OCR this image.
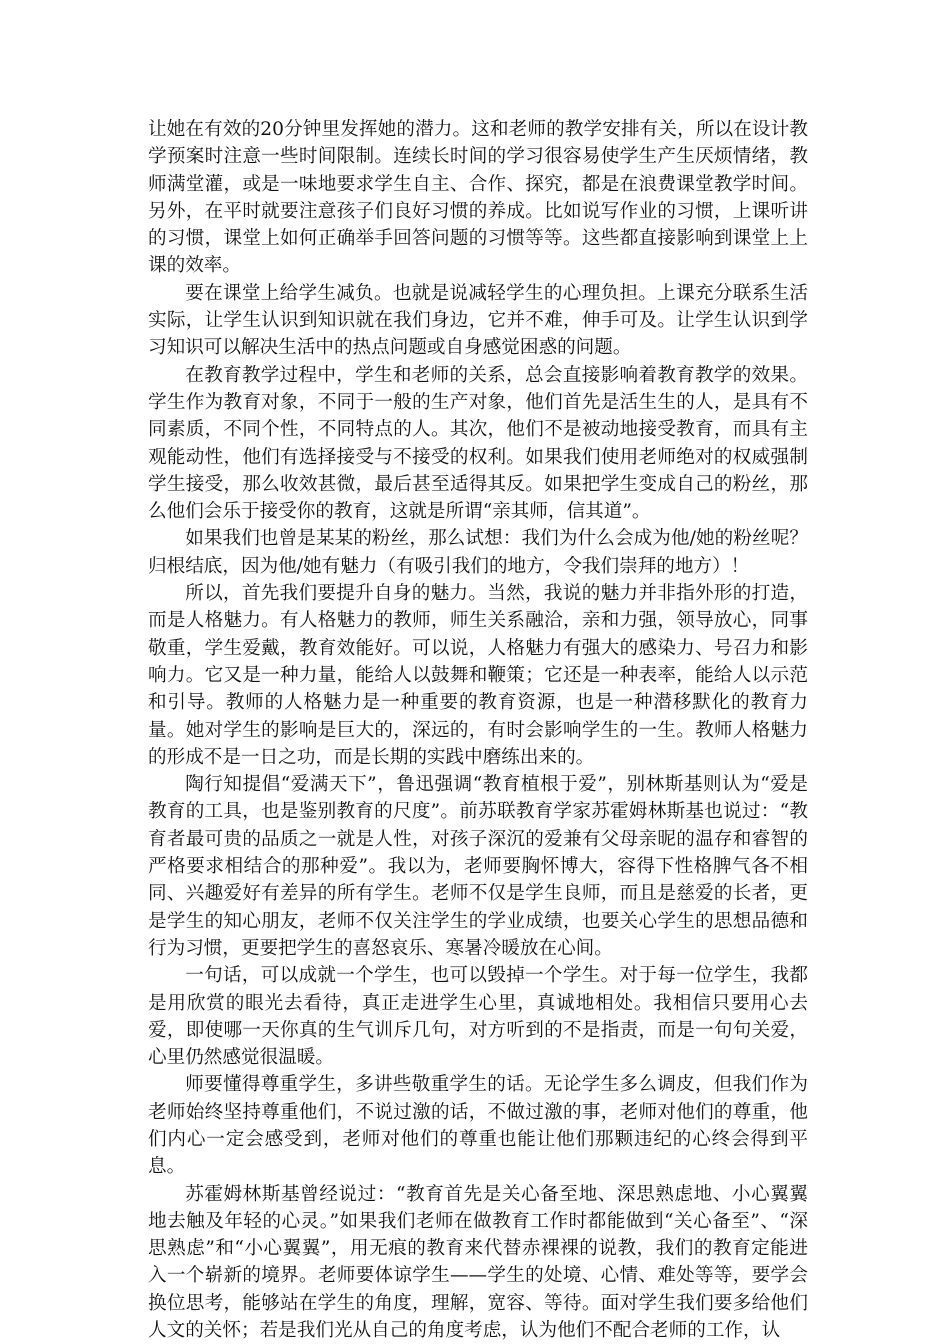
让她在有效的20分钟里发挥她的潜力。这和老师的教学安排有关，所以在设计教学预案时注意一些时间限制。连续长时间的学习很容易使学生产生厌烦情绪，教师满堂灌，或是一味地要求学生自主、合作、探究，都是在浪费课堂教学时间。另外，在平时就要注意孩子们良好习惯的养成。比如说写作业的习惯，上课听讲的习惯，课堂上如何正确举手回答问题的习惯等等。这些都直接影响到课堂上上课的效率。

要在课堂上给学生减负。也就是说减轻学生的心理负担。上课充分联系生活实际，让学生认识到知识就在我们身边，它并不难，伸手可及。让学生认识到学习知识可以解决生活中的热点问题或自身感觉困惑的问题。

在教育教学过程中，学生和老师的关系，总会直接影响着教育教学的效果。学生作为教育对象，不同于一般的生产对象，他们首先是活生生的人，是具有不同素质，不同个性，不同特点的人。其次，他们不是被动地接受教育，而具有主观能动性，他们有选择接受与不接受的权利。如果我们使用老师绝对的权威强制学生接受，那么收效甚微，最后甚至适得其反。如果把学生变成自己的粉丝，那么他们会乐于接受你的教育，这就是所谓“亲其师，信其道”。

如果我们也曾是某某的粉丝，那么试想：我们为什么会成为他/她的粉丝呢？归根结底，因为他/她有魅力（有吸引我们的地方，令我们崇拜的地方）！

所以，首先我们要提升自身的魅力。当然，我说的魅力并非指外形的打造，而是人格魅力。有人格魅力的教师，师生关系融洽，亲和力强，领导放心，同事敬重，学生爱戴，教育效能好。可以说，人格魅力有强大的感染力、号召力和影响力。它又是一种力量，能给人以鼓舞和鞭策；它还是一种表率，能给人以示范和引导。教师的人格魅力是一种重要的教育资源，也是一种潜移默化的教育力量。她对学生的影响是巨大的，深远的，有时会影响学生的一生。教师人格魅力的形成不是一日之功，而是长期的实践中磨练出来的。

陶行知提倡“爱满天下”，鲁迅强调“教育植根于爱”，别林斯基则认为“爱是教育的工具，也是鉴别教育的尺度”。前苏联教育学家苏霍姆林斯基也说过：“教育者最可贵的品质之一就是人性，对孩子深沉的爱兼有父母亲昵的温存和睿智的严格要求相结合的那种爱”。我以为，老师要胸怀博大，容得下性格脾气各不相同、兴趣爱好有差异的所有学生。老师不仅是学生良师，而且是慈爱的长者，更是学生的知心朋友，老师不仅关注学生的学业成绩，也要关心学生的思想品德和行为习惯，更要把学生的喜怒哀乐、寒暑冷暖放在心间。

一句话，可以成就一个学生，也可以毁掉一个学生。对于每一位学生，我都是用欣赏的眼光去看待，真正走进学生心里，真诚地相处。我相信只要用心去爱，即使哪一天你真的生气训斥几句，对方听到的不是指责，而是一句句关爱，心里仍然感觉很温暖。

师要懂得尊重学生，多讲些敬重学生的话。无论学生多么调皮，但我们作为老师始终坚持尊重他们，不说过激的话，不做过激的事，老师对他们的尊重，他们内心一定会感受到，老师对他们的尊重也能让他们那颗违纪的心终会得到平息。

苏霍姆林斯基曾经说过：“教育首先是关心备至地、深思熟虑地、小心翼翼地去触及年轻的心灵。”如果我们老师在做教育工作时都能做到“关心备至”、“深思熟虑”和“小心翼翼”，用无痕的教育来代替赤裸裸的说教，我们的教育定能进入一个崭新的境界。老师要体谅学生——学生的处境、心情、难处等等，要学会换位思考，能够站在学生的角度，理解，宽容、等待。面对学生我们要多给他们人文的关怀；若是我们光从自己的角度考虑，认为他们不配合老师的工作，认
